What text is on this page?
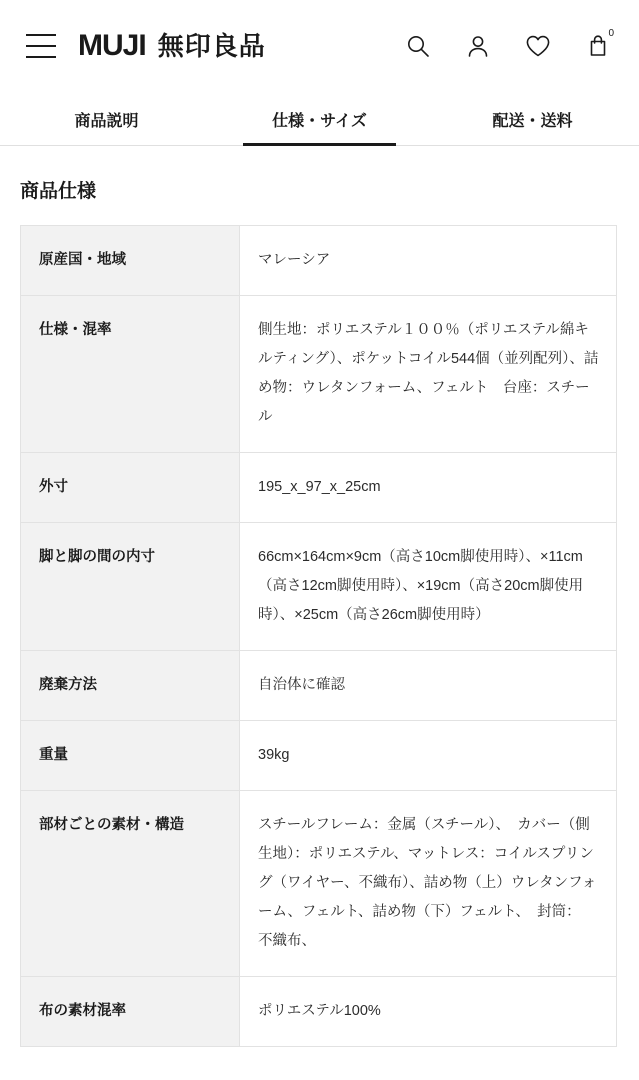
MUJI 無印良品	0
商品説明	仕様・サイズ	配送・送料
商品仕様
原産国・地域	マレーシア
仕様・混率	側生地：ポリエステル１００％（ポリエステル綿キルティング）、ポケットコイル544個（並列配列）、詰め物：ウレタンフォーム、フェルト　台座：スチール
外寸	195_x_97_x_25cm
脚と脚の間の内寸	66cm×164cm×9cm（高さ10cm脚使用時）、×11cm（高さ12cm脚使用時）、×19cm（高さ20cm脚使用時）、×25cm（高さ26cm脚使用時）
廃棄方法	自治体に確認
重量	39kg
部材ごとの素材・構造	スチールフレーム：金属（スチール）、　カバー（側生地）：ポリエステル、マットレス：コイルスプリング（ワイヤー、不織布）、詰め物（上）ウレタンフォーム、フェルト、詰め物（下）フェルト、　封筒：　不織布、
布の素材混率	ポリエステル100%
